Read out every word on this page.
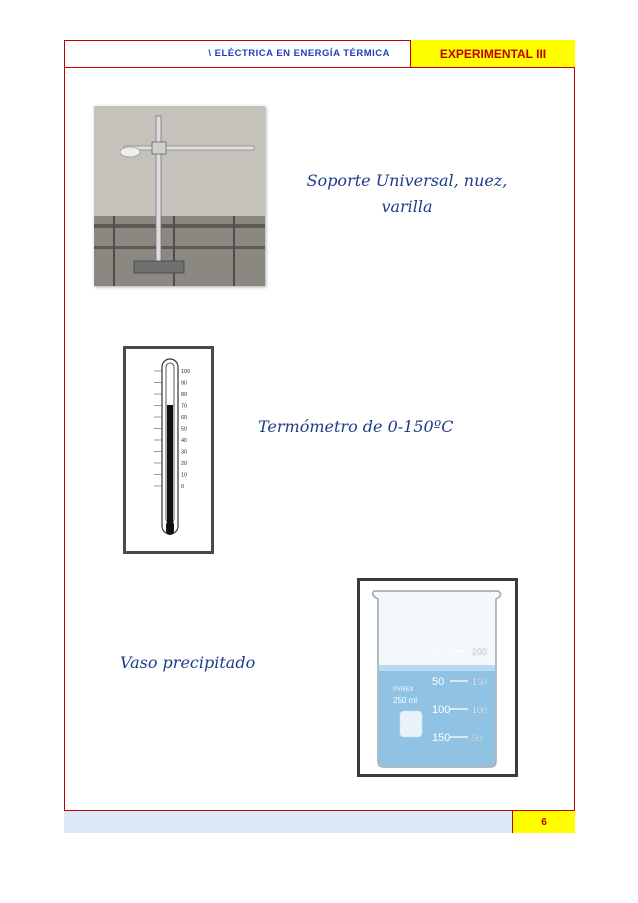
\ ELÉCTRICA EN ENERGÍA TÉRMICA	EXPERIMENTAL III
Soporte Universal, nuez,
varilla
100
90
80
70
60
50
40
30
20
10
0
Termómetro de 0-150ºC
Vaso precipitado
PYREX
250 ml
200
150
100
50
0
50
100
150
6
